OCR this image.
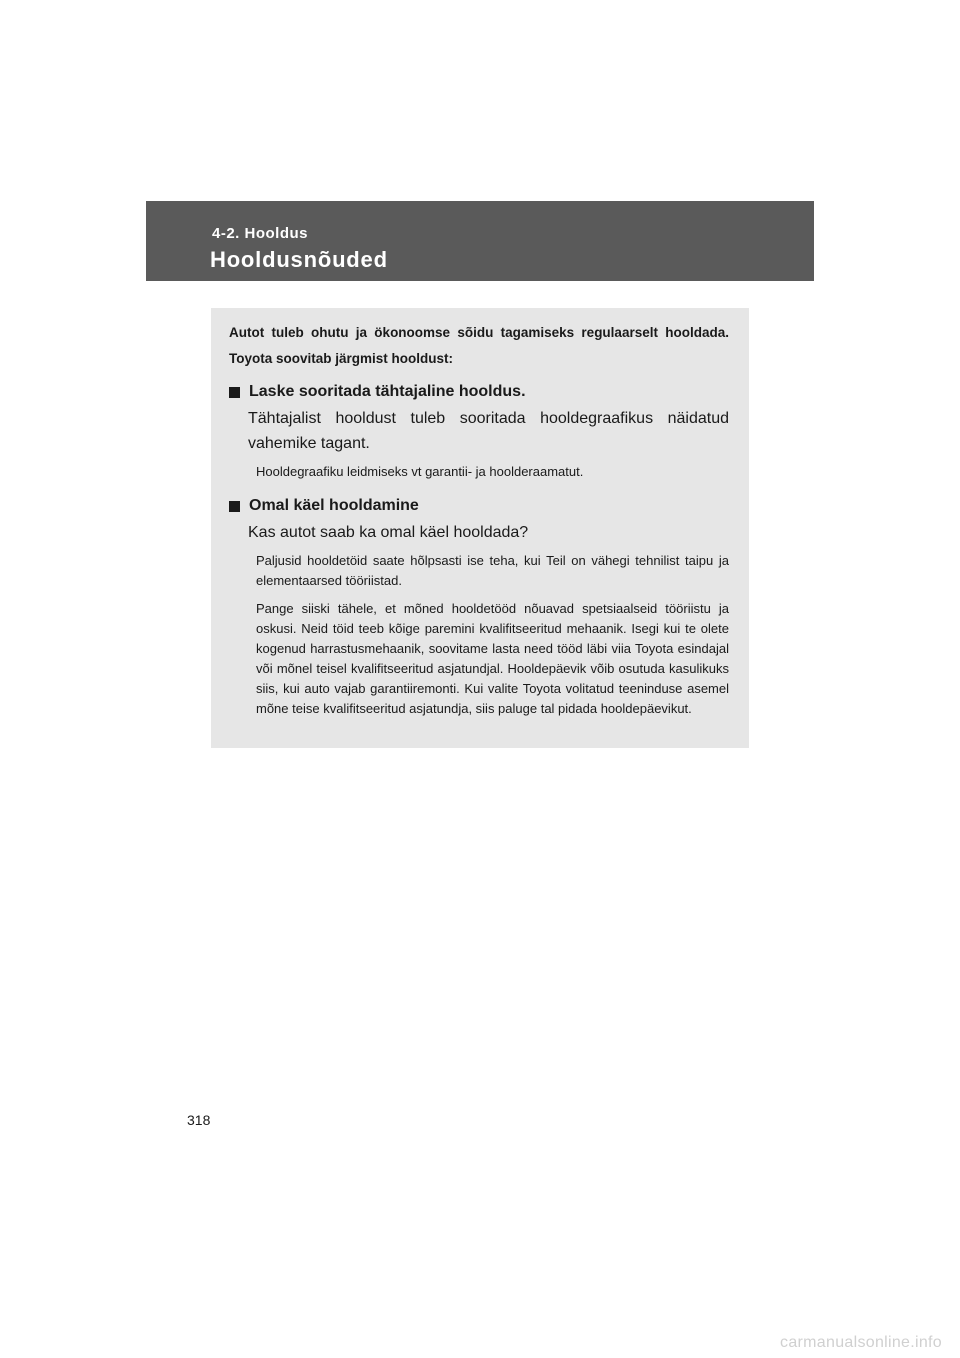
4-2. Hooldus
Hooldusnõuded

Autot tuleb ohutu ja ökonoomse sõidu tagamiseks regulaarselt hooldada. Toyota soovitab järgmist hooldust:

Laske sooritada tähtajaline hooldus.

Tähtajalist hooldust tuleb sooritada hooldegraafikus näidatud vahemike tagant.

Hooldegraafiku leidmiseks vt garantii- ja hoolderaamatut.

Omal käel hooldamine

Kas autot saab ka omal käel hooldada?

Paljusid hooldetöid saate hõlpsasti ise teha, kui Teil on vähegi tehnilist taipu ja elementaarsed tööriistad.

Pange siiski tähele, et mõned hooldetööd nõuavad spetsiaalseid tööriistu ja oskusi. Neid töid teeb kõige paremini kvalifitseeritud mehaanik. Isegi kui te olete kogenud harrastusmehaanik, soovitame lasta need tööd läbi viia Toyota esindajal või mõnel teisel kvalifitseeritud asjatundjal. Hooldepäevik võib osutuda kasulikuks siis, kui auto vajab garantiiremonti. Kui valite Toyota volitatud teeninduse asemel mõne teise kvalifitseeritud asjatundja, siis paluge tal pidada hooldepäevikut.

318
carmanualsonline.info
